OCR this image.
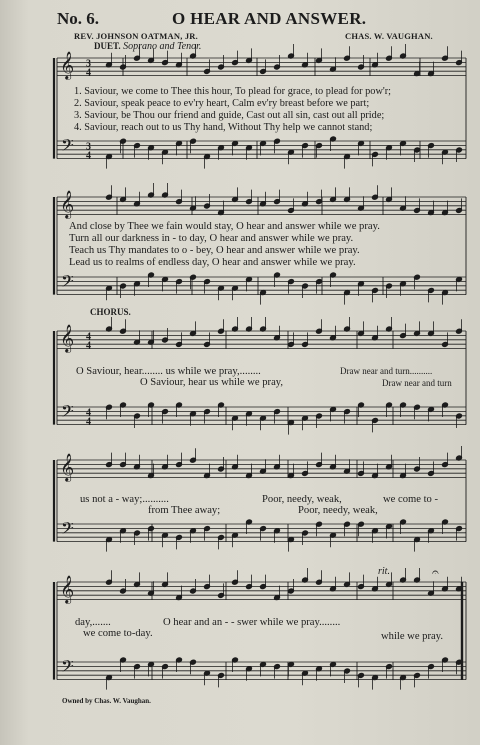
No. 6.	O HEAR AND ANSWER.
REV. JOHNSON OATMAN, JR.	CHAS. W. VAUGHAN.
DUET. Soprano and Tenor.
𝄞
𝄢
𝄞
𝄢
𝄞
𝄢
𝄞
𝄢
𝄞
𝄢
𝄐
3
4
3
4
4
4
4
4
1. Saviour, we come to Thee this hour, To plead for grace, to plead for pow'r;
2. Saviour, speak peace to ev'ry heart, Calm ev'ry breast before we part;
3. Saviour, be Thou our friend and guide, Cast out all sin, cast out all pride;
4. Saviour, reach out to us Thy hand, Without Thy help we cannot stand;
And close by Thee we fain would stay, O hear and answer while we pray.
Turn all our darkness in - to day, O hear and answer while we pray.
Teach us Thy mandates to o - bey, O hear and answer while we pray.
Lead us to realms of endless day, O hear and answer while we pray.
CHORUS.
O Saviour, hear........ us while we pray,........
O Saviour, hear us while we pray,
Draw near and turn..........
Draw near and turn
us not a - way;..........	Poor, needy, weak,	we come to -
from Thee away;	Poor, needy, weak,
rit.
day,.......	O hear and an - - swer while we pray........
we come to-day.	while we pray.
Owned by Chas. W. Vaughan.
